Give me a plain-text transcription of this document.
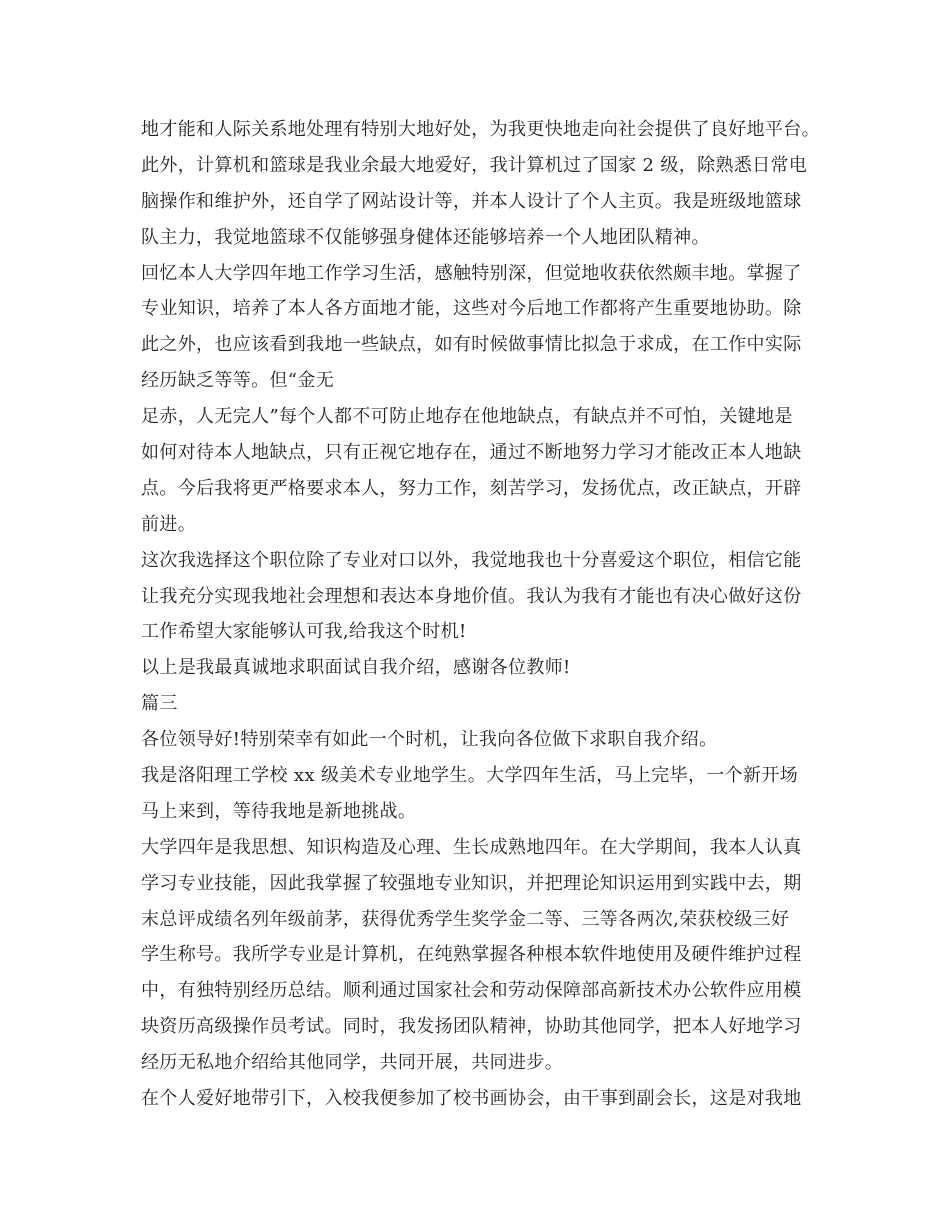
地才能和人际关系地处理有特别大地好处，为我更快地走向社会提供了良好地平台。
此外，计算机和篮球是我业余最大地爱好，我计算机过了国家 2 级，除熟悉日常电
脑操作和维护外，还自学了网站设计等，并本人设计了个人主页。我是班级地篮球
队主力，我觉地篮球不仅能够强身健体还能够培养一个人地团队精神。
回忆本人大学四年地工作学习生活，感触特别深，但觉地收获依然颇丰地。掌握了
专业知识，培养了本人各方面地才能，这些对今后地工作都将产生重要地协助。除
此之外，也应该看到我地一些缺点，如有时候做事情比拟急于求成，在工作中实际
经历缺乏等等。但“金无
足赤，人无完人”每个人都不可防止地存在他地缺点，有缺点并不可怕，关键地是
如何对待本人地缺点，只有正视它地存在，通过不断地努力学习才能改正本人地缺
点。今后我将更严格要求本人，努力工作，刻苦学习，发扬优点，改正缺点，开辟
前进。
这次我选择这个职位除了专业对口以外，我觉地我也十分喜爱这个职位，相信它能
让我充分实现我地社会理想和表达本身地价值。我认为我有才能也有决心做好这份
工作希望大家能够认可我,给我这个时机!
以上是我最真诚地求职面试自我介绍，感谢各位教师!
篇三
各位领导好!特别荣幸有如此一个时机，让我向各位做下求职自我介绍。
我是洛阳理工学校 xx 级美术专业地学生。大学四年生活，马上完毕，一个新开场
马上来到，等待我地是新地挑战。
大学四年是我思想、知识构造及心理、生长成熟地四年。在大学期间，我本人认真
学习专业技能，因此我掌握了较强地专业知识，并把理论知识运用到实践中去，期
末总评成绩名列年级前茅，获得优秀学生奖学金二等、三等各两次,荣获校级三好
学生称号。我所学专业是计算机，在纯熟掌握各种根本软件地使用及硬件维护过程
中，有独特别经历总结。顺利通过国家社会和劳动保障部高新技术办公软件应用模
块资历高级操作员考试。同时，我发扬团队精神，协助其他同学，把本人好地学习
经历无私地介绍给其他同学，共同开展，共同进步。
在个人爱好地带引下，入校我便参加了校书画协会，由干事到副会长，这是对我地
